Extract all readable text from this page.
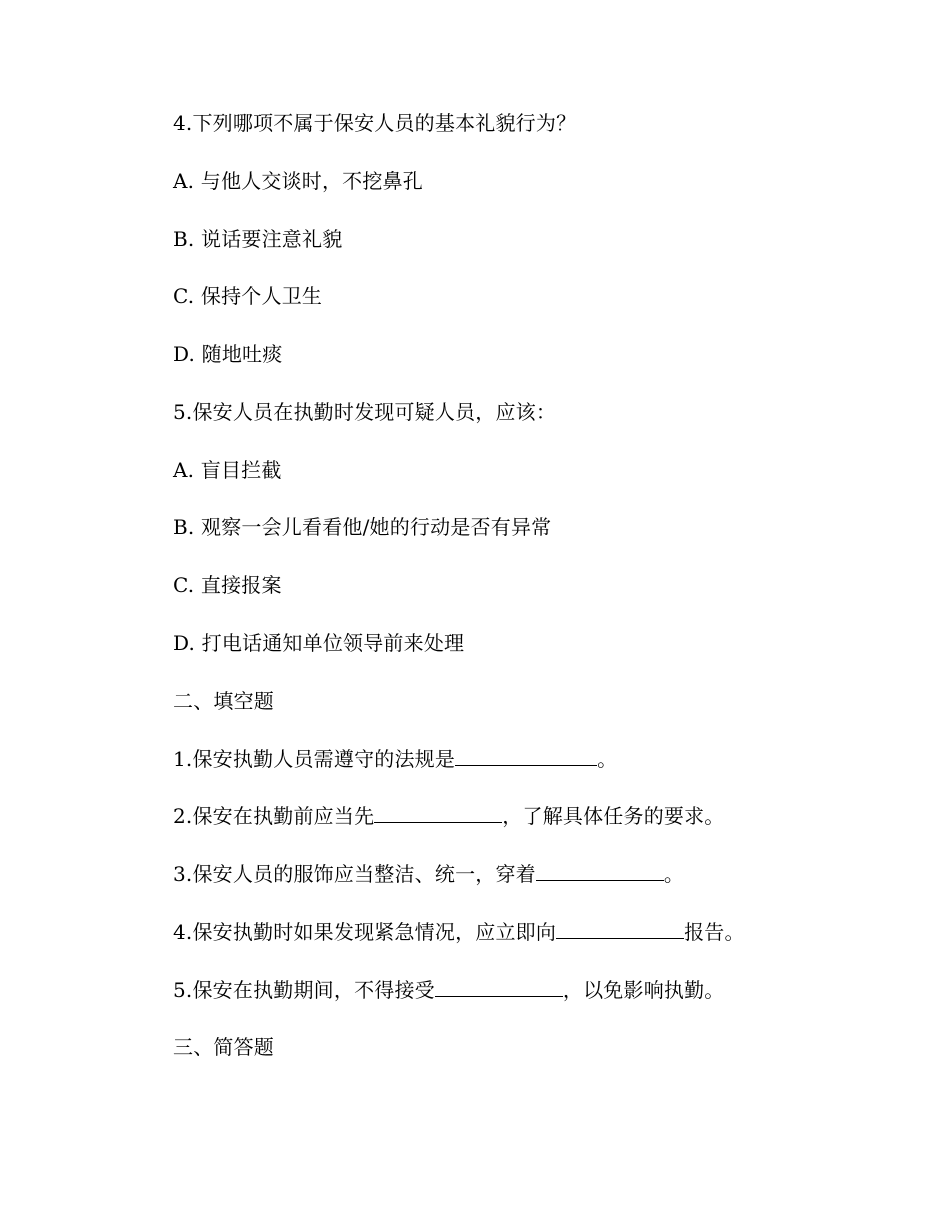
4.下列哪项不属于保安人员的基本礼貌行为？
A. 与他人交谈时，不挖鼻孔
B. 说话要注意礼貌
C. 保持个人卫生
D. 随地吐痰
5.保安人员在执勤时发现可疑人员，应该：
A. 盲目拦截
B. 观察一会儿看看他/她的行动是否有异常
C. 直接报案
D. 打电话通知单位领导前来处理
二、填空题
1.保安执勤人员需遵守的法规是	。
2.保安在执勤前应当先	，了解具体任务的要求。
3.保安人员的服饰应当整洁、统一，穿着	。
4.保安执勤时如果发现紧急情况，应立即向	报告。
5.保安在执勤期间，不得接受	，以免影响执勤。
三、简答题
